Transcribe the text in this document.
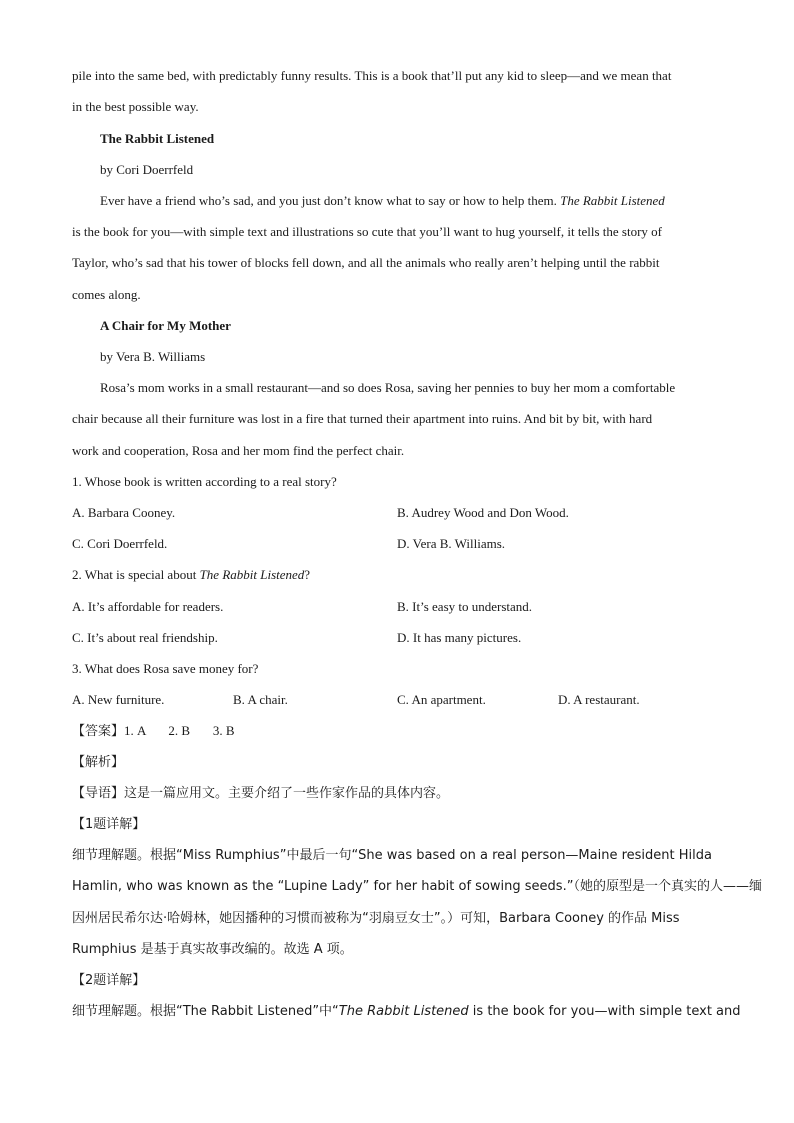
pile into the same bed, with predictably funny results. This is a book that’ll put any kid to sleep—and we mean that
in the best possible way.
The Rabbit Listened
by Cori Doerrfeld
Ever have a friend who’s sad, and you just don’t know what to say or how to help them. The Rabbit Listened
is the book for you—with simple text and illustrations so cute that you’ll want to hug yourself, it tells the story of
Taylor, who’s sad that his tower of blocks fell down, and all the animals who really aren’t helping until the rabbit
comes along.
A Chair for My Mother
by Vera B. Williams
Rosa’s mom works in a small restaurant—and so does Rosa, saving her pennies to buy her mom a comfortable
chair because all their furniture was lost in a fire that turned their apartment into ruins. And bit by bit, with hard
work and cooperation, Rosa and her mom find the perfect chair.
1. Whose book is written according to a real story?
A. Barbara Cooney.	B. Audrey Wood and Don Wood.
C. Cori Doerrfeld.	D. Vera B. Williams.
2. What is special about The Rabbit Listened?
A. It’s affordable for readers.	B. It’s easy to understand.
C. It’s about real friendship.	D. It has many pictures.
3. What does Rosa save money for?
A. New furniture.	B. A chair.	C. An apartment.	D. A restaurant.
【答案】1. A       2. B       3. B
【解析】
【导语】这是一篇应用文。主要介绍了一些作家作品的具体内容。
【1题详解】
细节理解题。根据“Miss Rumphius”中最后一句“She was based on a real person—Maine resident Hilda
Hamlin, who was known as the “Lupine Lady” for her habit of sowing seeds.”（她的原型是一个真实的人——缅
因州居民希尔达·哈姆林，她因播种的习惯而被称为“羽扇豆女士”。）可知，Barbara Cooney 的作品 Miss
Rumphius 是基于真实故事改编的。故选 A 项。
【2题详解】
细节理解题。根据“The Rabbit Listened”中“The Rabbit Listened is the book for you—with simple text and
